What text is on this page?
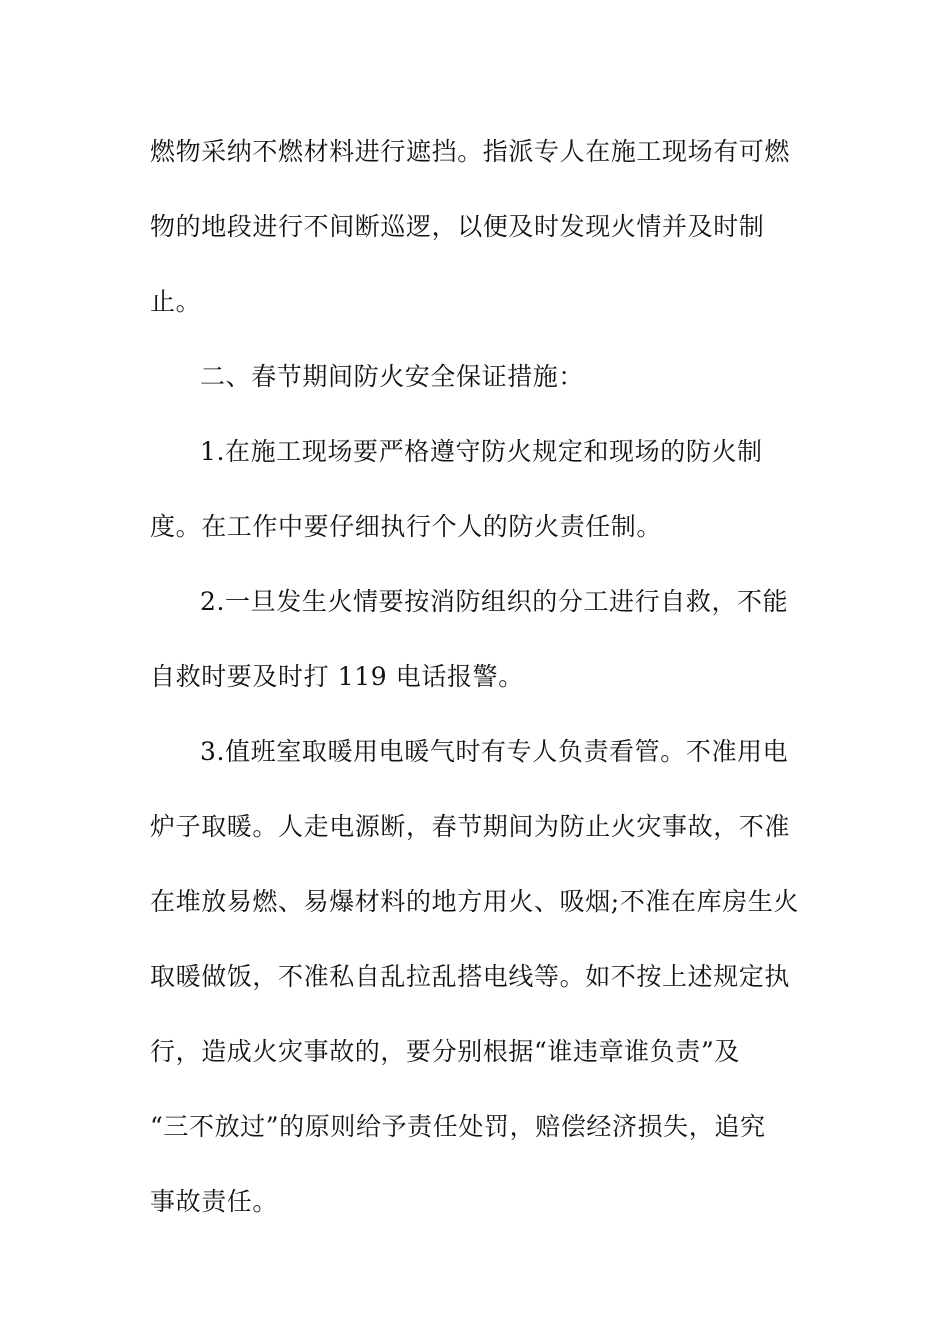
燃物采纳不燃材料进行遮挡。指派专人在施工现场有可燃
物的地段进行不间断巡逻，以便及时发现火情并及时制
止。
二、春节期间防火安全保证措施：
1.在施工现场要严格遵守防火规定和现场的防火制
度。在工作中要仔细执行个人的防火责任制。
2.一旦发生火情要按消防组织的分工进行自救，不能
自救时要及时打 119 电话报警。
3.值班室取暖用电暖气时有专人负责看管。不准用电
炉子取暖。人走电源断，春节期间为防止火灾事故，不准
在堆放易燃、易爆材料的地方用火、吸烟;不准在库房生火
取暖做饭，不准私自乱拉乱搭电线等。如不按上述规定执
行，造成火灾事故的，要分别根据“谁违章谁负责”及
“三不放过”的原则给予责任处罚，赔偿经济损失，追究
事故责任。
